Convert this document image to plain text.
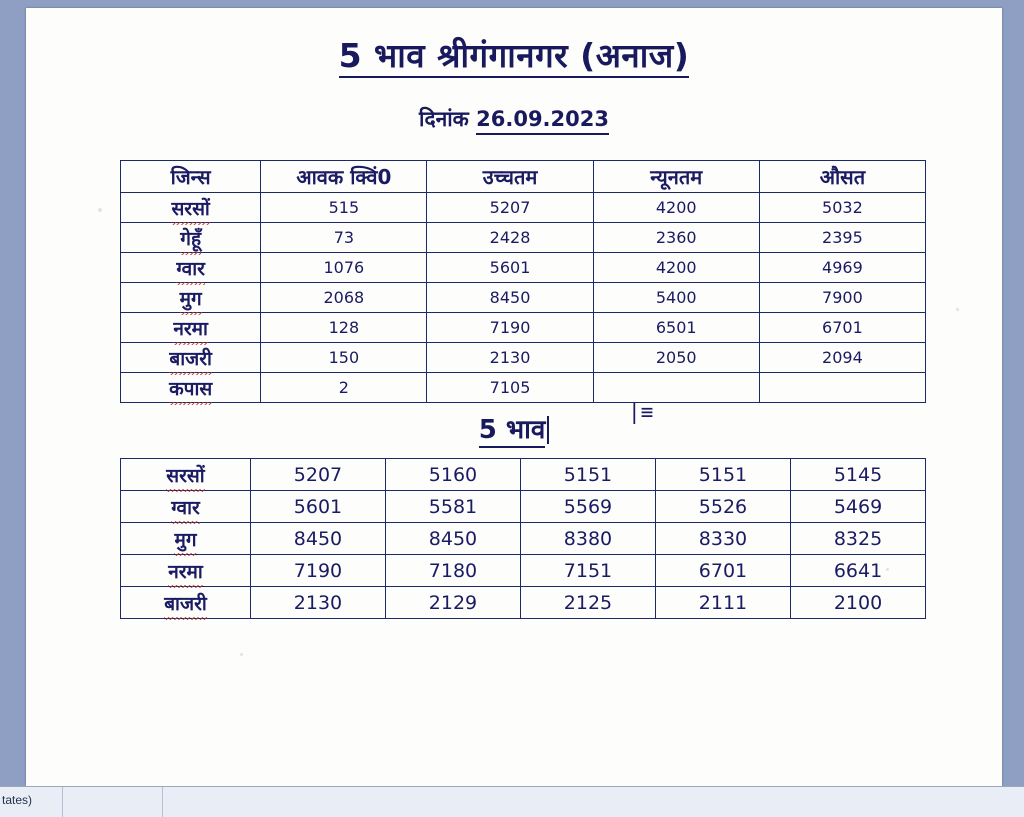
5 भाव श्रीगंगानगर (अनाज)
दिनांक 26.09.2023
जिन्स	आवक क्विं0	उच्चतम	न्यूनतम	औसत
सरसों	515	5207	4200	5032
गेहूँ	73	2428	2360	2395
ग्वार	1076	5601	4200	4969
मुग	2068	8450	5400	7900
नरमा	128	7190	6501	6701
बाजरी	150	2130	2050	2094
कपास	2	7105		
|≡
5 भाव
सरसों	5207	5160	5151	5151	5145
ग्वार	5601	5581	5569	5526	5469
मुग	8450	8450	8380	8330	8325
नरमा	7190	7180	7151	6701	6641
बाजरी	2130	2129	2125	2111	2100
tates)
